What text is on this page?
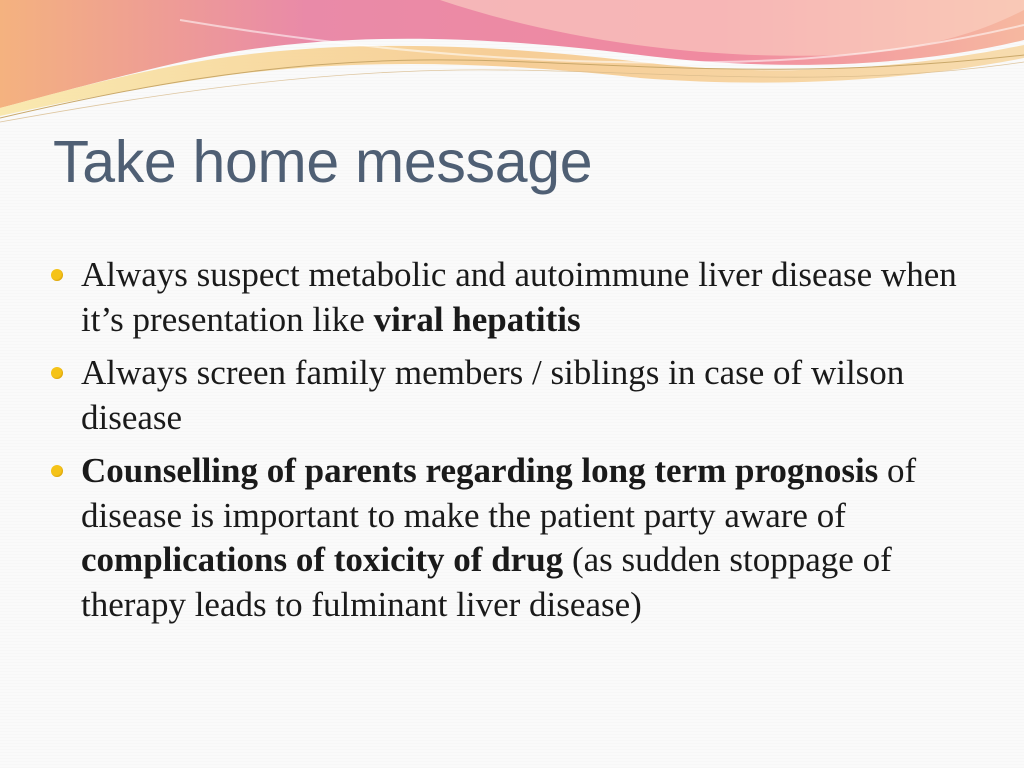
Take home message
Always suspect metabolic and autoimmune liver disease when it’s presentation like viral hepatitis
Always screen family members / siblings in case of wilson disease
Counselling of parents regarding long term prognosis of disease is important to make the patient party aware of complications of toxicity of drug (as sudden stoppage of therapy leads to fulminant liver disease)
